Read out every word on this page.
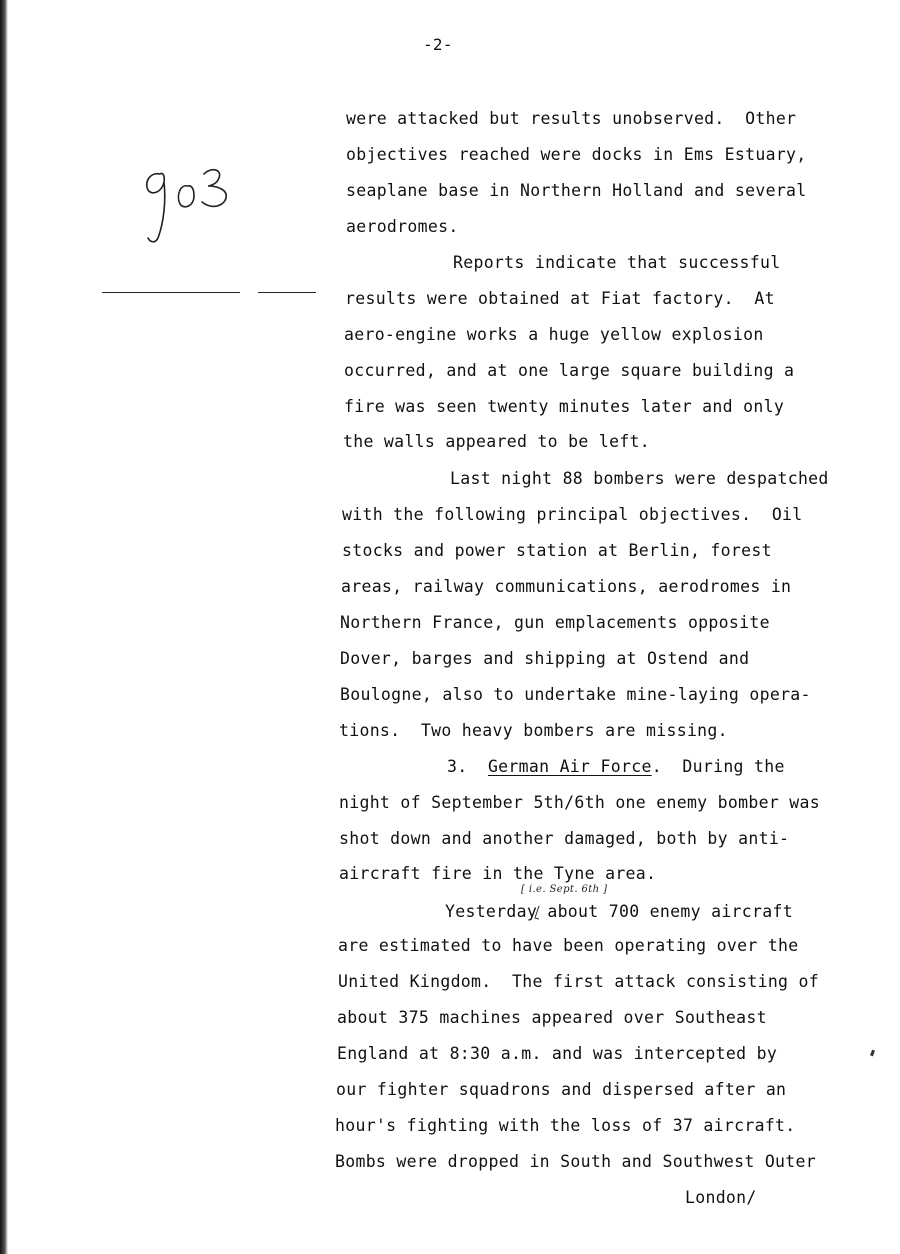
-2-
were attacked but results unobserved.  Other
objectives reached were docks in Ems Estuary,
seaplane base in Northern Holland and several
aerodromes.
Reports indicate that successful
results were obtained at Fiat factory.  At
aero-engine works a huge yellow explosion
occurred, and at one large square building a
fire was seen twenty minutes later and only
the walls appeared to be left.
Last night 88 bombers were despatched
with the following principal objectives.  Oil
stocks and power station at Berlin, forest
areas, railway communications, aerodromes in
Northern France, gun emplacements opposite
Dover, barges and shipping at Ostend and
Boulogne, also to undertake mine-laying opera-
tions.  Two heavy bombers are missing.
3.  German Air Force.  During the
night of September 5th/6th one enemy bomber was
shot down and another damaged, both by anti-
aircraft fire in the Tyne area.
[ i.e. Sept. 6th ]
Yesterday about 700 enemy aircraft
are estimated to have been operating over the
United Kingdom.  The first attack consisting of
about 375 machines appeared over Southeast
England at 8:30 a.m. and was intercepted by
our fighter squadrons and dispersed after an
hour's fighting with the loss of 37 aircraft.
Bombs were dropped in South and Southwest Outer
London/
